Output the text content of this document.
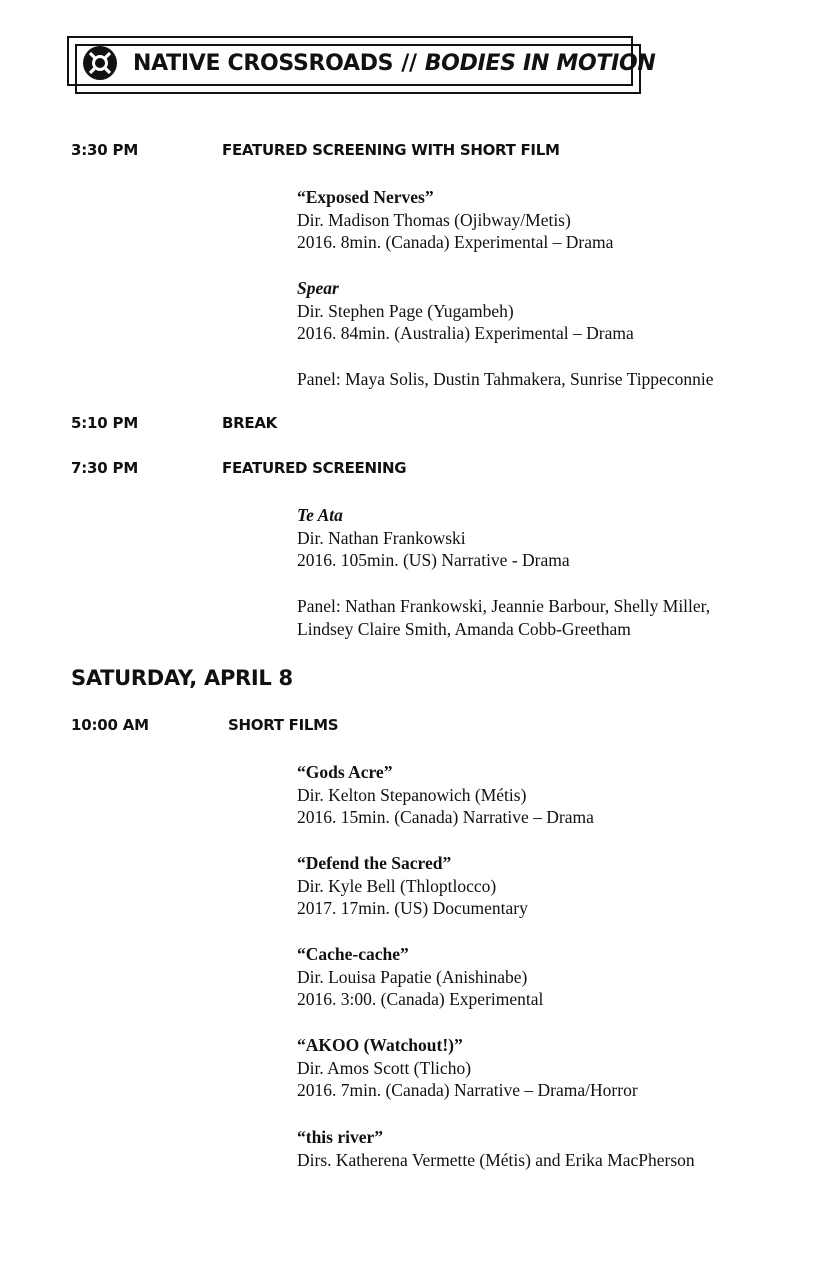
NATIVE CROSSROADS // BODIES IN MOTION
3:30 PM	FEATURED SCREENING WITH SHORT FILM
“Exposed Nerves”
Dir. Madison Thomas (Ojibway/Metis)
2016. 8min. (Canada) Experimental – Drama
Spear
Dir. Stephen Page (Yugambeh)
2016. 84min. (Australia) Experimental – Drama
Panel: Maya Solis, Dustin Tahmakera, Sunrise Tippeconnie
5:10 PM	BREAK
7:30 PM	FEATURED SCREENING
Te Ata
Dir. Nathan Frankowski
2016. 105min. (US) Narrative - Drama
Panel: Nathan Frankowski, Jeannie Barbour, Shelly Miller,
Lindsey Claire Smith, Amanda Cobb-Greetham
SATURDAY, APRIL 8
10:00 AM	SHORT FILMS
“Gods Acre”
Dir. Kelton Stepanowich (Métis)
2016. 15min. (Canada) Narrative – Drama
“Defend the Sacred”
Dir. Kyle Bell (Thloptlocco)
2017. 17min. (US) Documentary
“Cache-cache”
Dir. Louisa Papatie (Anishinabe)
2016. 3:00. (Canada) Experimental
“AKOO (Watchout!)”
Dir. Amos Scott (Tlicho)
2016. 7min. (Canada) Narrative – Drama/Horror
“this river”
Dirs. Katherena Vermette (Métis) and Erika MacPherson
